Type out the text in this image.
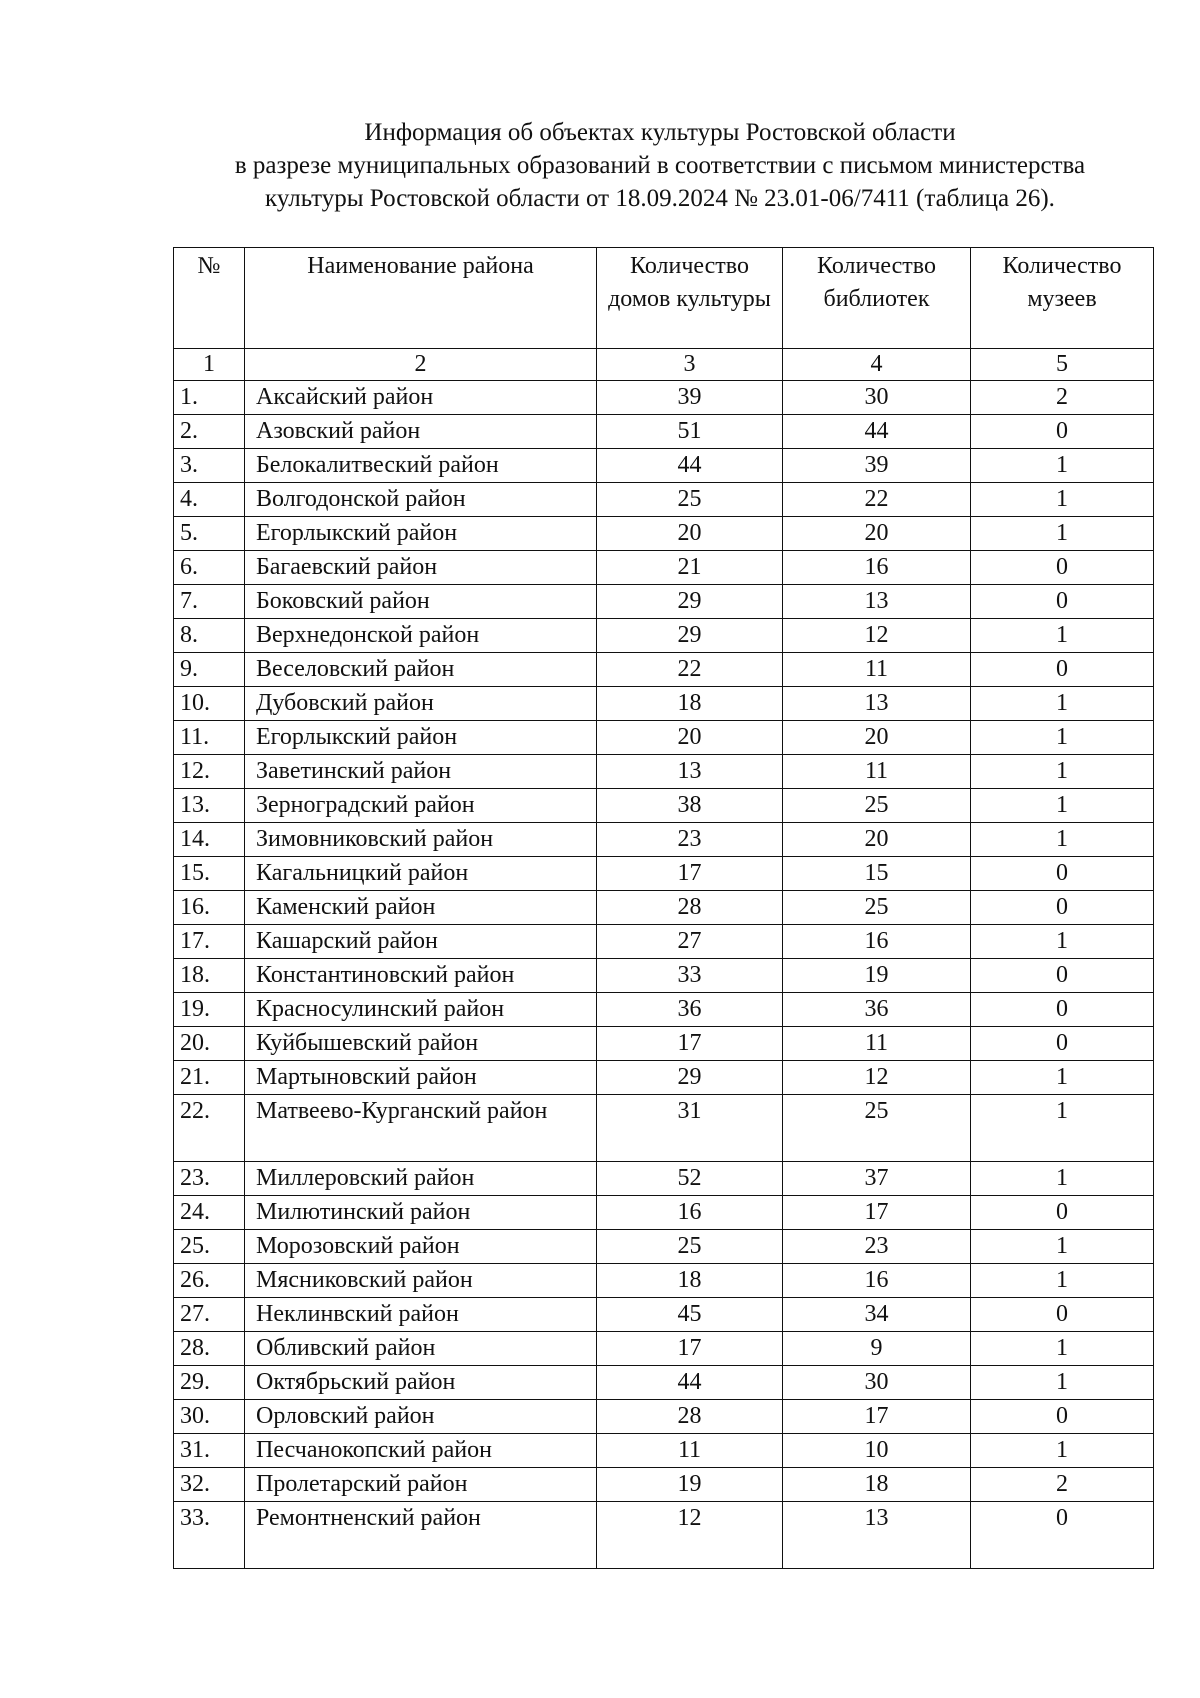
Информация об объектах культуры Ростовской области
в разрезе муниципальных образований в соответствии с письмом министерства
культуры Ростовской области от 18.09.2024 № 23.01-06/7411 (таблица 26).
№	Наименование района	Количество домов культуры	Количество библиотек	Количество музеев
1	2	3	4	5
1.	Аксайский район	39	30	2
2.	Азовский район	51	44	0
3.	Белокалитвеский район	44	39	1
4.	Волгодонской район	25	22	1
5.	Егорлыкский район	20	20	1
6.	Багаевский район	21	16	0
7.	Боковский район	29	13	0
8.	Верхнедонской район	29	12	1
9.	Веселовский район	22	11	0
10.	Дубовский район	18	13	1
11.	Егорлыкский район	20	20	1
12.	Заветинский район	13	11	1
13.	Зерноградский район	38	25	1
14.	Зимовниковский район	23	20	1
15.	Кагальницкий район	17	15	0
16.	Каменский район	28	25	0
17.	Кашарский район	27	16	1
18.	Константиновский район	33	19	0
19.	Красносулинский район	36	36	0
20.	Куйбышевский район	17	11	0
21.	Мартыновский район	29	12	1
22.	Матвеево-Курганский район	31	25	1
23.	Миллеровский район	52	37	1
24.	Милютинский район	16	17	0
25.	Морозовский район	25	23	1
26.	Мясниковский район	18	16	1
27.	Неклинвский район	45	34	0
28.	Обливский район	17	9	1
29.	Октябрьский район	44	30	1
30.	Орловский район	28	17	0
31.	Песчанокопский район	11	10	1
32.	Пролетарский район	19	18	2
33.	Ремонтненский район	12	13	0
